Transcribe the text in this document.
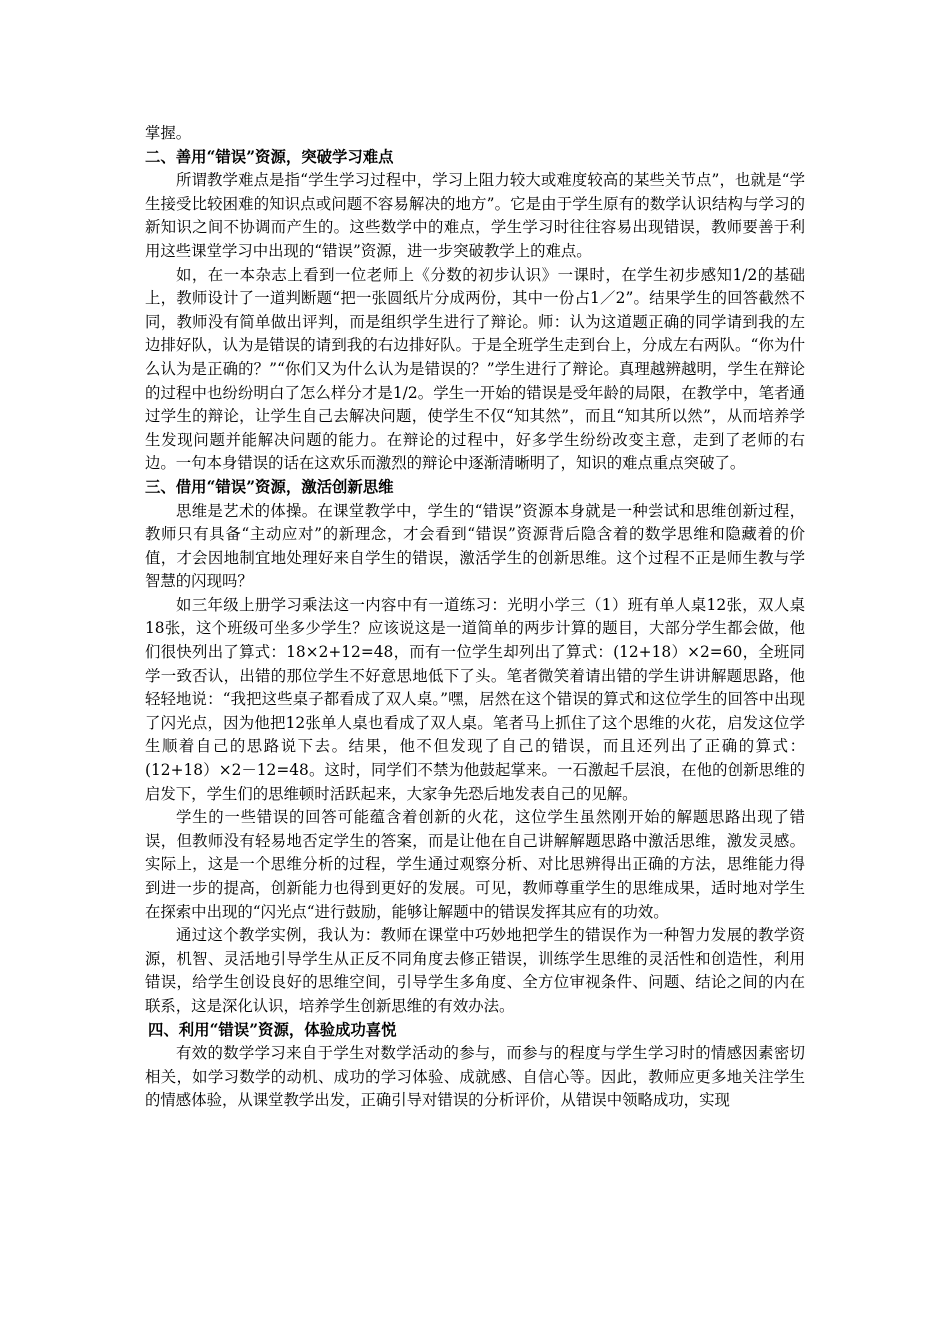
掌握。

二、善用“错误”资源，突破学习难点

所谓教学难点是指“学生学习过程中，学习上阻力较大或难度较高的某些关节点”，也就是“学生接受比较困难的知识点或问题不容易解决的地方”。它是由于学生原有的数学认识结构与学习的新知识之间不协调而产生的。这些数学中的难点，学生学习时往往容易出现错误，教师要善于利用这些课堂学习中出现的“错误”资源，进一步突破教学上的难点。

如，在一本杂志上看到一位老师上《分数的初步认识》一课时，在学生初步感知1/2的基础上，教师设计了一道判断题“把一张圆纸片分成两份，其中一份占1／2”。结果学生的回答截然不同，教师没有简单做出评判，而是组织学生进行了辩论。师：认为这道题正确的同学请到我的左边排好队，认为是错误的请到我的右边排好队。于是全班学生走到台上，分成左右两队。“你为什么认为是正确的？”“你们又为什么认为是错误的？”学生进行了辩论。真理越辨越明，学生在辩论的过程中也纷纷明白了怎么样分才是1/2。学生一开始的错误是受年龄的局限，在教学中，笔者通过学生的辩论，让学生自己去解决问题，使学生不仅“知其然”，而且“知其所以然”，从而培养学生发现问题并能解决问题的能力。在辩论的过程中，好多学生纷纷改变主意，走到了老师的右边。一句本身错误的话在这欢乐而激烈的辩论中逐渐清晰明了，知识的难点重点突破了。

三、借用“错误”资源，激活创新思维

思维是艺术的体操。在课堂教学中，学生的“错误”资源本身就是一种尝试和思维创新过程，教师只有具备“主动应对”的新理念，才会看到“错误”资源背后隐含着的数学思维和隐藏着的价值，才会因地制宜地处理好来自学生的错误，激活学生的创新思维。这个过程不正是师生教与学智慧的闪现吗？

如三年级上册学习乘法这一内容中有一道练习：光明小学三（1）班有单人桌12张，双人桌18张，这个班级可坐多少学生？应该说这是一道简单的两步计算的题目，大部分学生都会做，他们很快列出了算式：18×2+12=48，而有一位学生却列出了算式：(12+18）×2=60，全班同学一致否认，出错的那位学生不好意思地低下了头。笔者微笑着请出错的学生讲讲解题思路，他轻轻地说：“我把这些桌子都看成了双人桌。”嘿，居然在这个错误的算式和这位学生的回答中出现了闪光点，因为他把12张单人桌也看成了双人桌。笔者马上抓住了这个思维的火花，启发这位学生顺着自己的思路说下去。结果，他不但发现了自己的错误，而且还列出了正确的算式：(12+18）×2－12=48。这时，同学们不禁为他鼓起掌来。一石激起千层浪，在他的创新思维的启发下，学生们的思维顿时活跃起来，大家争先恐后地发表自己的见解。

学生的一些错误的回答可能蕴含着创新的火花，这位学生虽然刚开始的解题思路出现了错误，但教师没有轻易地否定学生的答案，而是让他在自己讲解解题思路中激活思维，激发灵感。实际上，这是一个思维分析的过程，学生通过观察分析、对比思辨得出正确的方法，思维能力得到进一步的提高，创新能力也得到更好的发展。可见，教师尊重学生的思维成果，适时地对学生在探索中出现的“闪光点“进行鼓励，能够让解题中的错误发挥其应有的功效。

通过这个教学实例，我认为：教师在课堂中巧妙地把学生的错误作为一种智力发展的教学资源，机智、灵活地引导学生从正反不同角度去修正错误，训练学生思维的灵活性和创造性，利用错误，给学生创设良好的思维空间，引导学生多角度、全方位审视条件、问题、结论之间的内在联系，这是深化认识，培养学生创新思维的有效办法。

四、利用“错误”资源，体验成功喜悦

有效的数学学习来自于学生对数学活动的参与，而参与的程度与学生学习时的情感因素密切相关，如学习数学的动机、成功的学习体验、成就感、自信心等。因此，教师应更多地关注学生的情感体验，从课堂教学出发，正确引导对错误的分析评价，从错误中领略成功，实现
